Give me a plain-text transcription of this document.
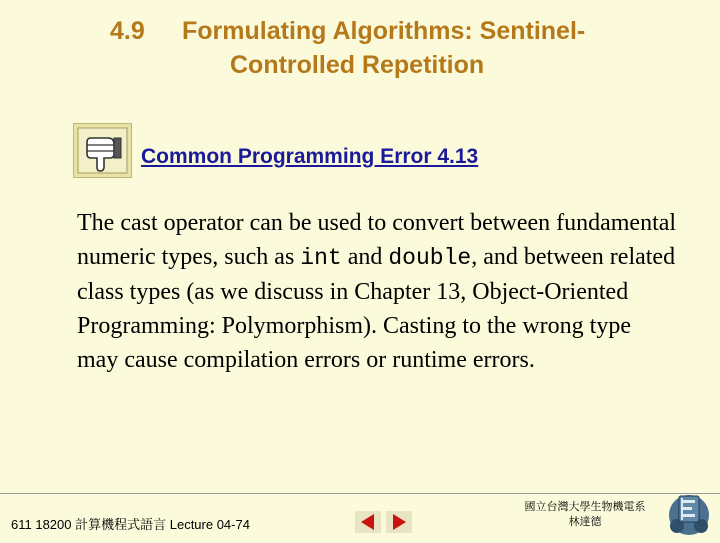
4.9 Formulating Algorithms: Sentinel-
Controlled Repetition
Common Programming Error 4.13
The cast operator can be used to convert between fundamental numeric types, such as int and double, and between related class types (as we discuss in Chapter 13, Object-Oriented Programming: Polymorphism). Casting to the wrong type may cause compilation errors or runtime errors.
611 18200 計算機程式語言 Lecture 04-74
國立台灣大學生物機電系
林達德
